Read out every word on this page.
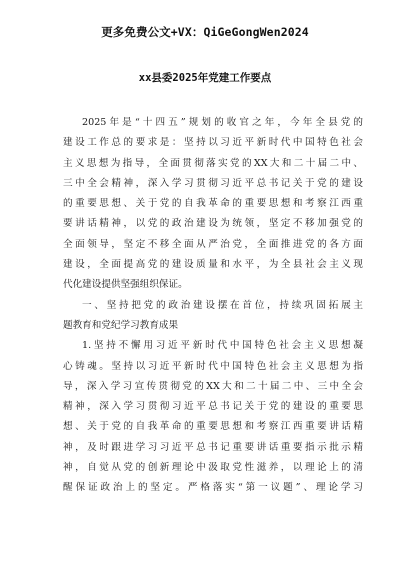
更多免费公文+VX：QiGeGongWen2024
xx县委2025年党建工作要点
2025年是“十四五”规划的收官之年，今年全县党的
建设工作总的要求是：坚持以习近平新时代中国特色社会
主义思想为指导，全面贯彻落实党的XX大和二十届二中、
三中全会精神，深入学习贯彻习近平总书记关于党的建设
的重要思想、关于党的自我革命的重要思想和考察江西重
要讲话精神，以党的政治建设为统领，坚定不移加强党的
全面领导，坚定不移全面从严治党，全面推进党的各方面
建设，全面提高党的建设质量和水平，为全县社会主义现
代化建设提供坚强组织保证。
一、坚持把党的政治建设摆在首位，持续巩固拓展主
题教育和党纪学习教育成果
1.坚持不懈用习近平新时代中国特色社会主义思想凝
心铸魂。坚持以习近平新时代中国特色社会主义思想为指
导，深入学习宣传贯彻党的XX大和二十届二中、三中全会
精神，深入学习贯彻习近平总书记关于党的建设的重要思
想、关于党的自我革命的重要思想和考察江西重要讲话精
神，及时跟进学习习近平总书记重要讲话重要指示批示精
神，自觉从党的创新理论中汲取党性滋养，以理论上的清
醒保证政治上的坚定。严格落实“第一议题”、理论学习
